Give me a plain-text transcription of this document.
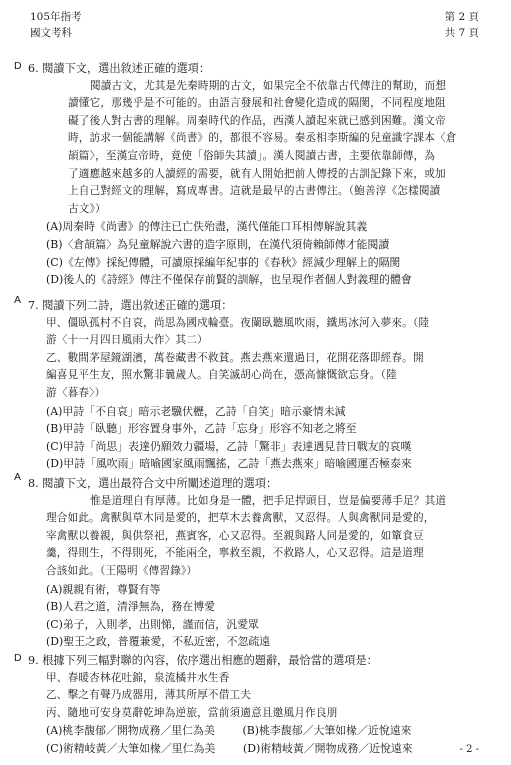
105年指考
國文考科
第 2 頁
共 7 頁
D 6. 閱讀下文，選出敘述正確的選項：
閱讀古文，尤其是先秦時期的古文，如果完全不依靠古代傳注的幫助，而想
讀懂它，那幾乎是不可能的。由語言發展和社會變化造成的隔閡，不同程度地阻
礙了後人對古書的理解。周秦時代的作品，西漢人讀起來就已感到困難。漢文帝
時，訪求一個能講解《尚書》的，都很不容易。秦丞相李斯編的兒童識字課本〈倉
頡篇〉，至漢宣帝時，竟使「俗師失其讀」。漢人閱讀古書，主要依靠師傳，為
了適應越來越多的人讀經的需要，就有人開始把前人傳授的古訓記錄下來，或加
上自己對經文的理解，寫成專書。這就是最早的古書傳注。（鮑善淳《怎樣閱讀
古文》）
(A)周秦時《尚書》的傳注已亡佚殆盡，漢代僅能口耳相傳解說其義
(B)〈倉頡篇〉為兒童解說六書的造字原則，在漢代須倚賴師傳才能閱讀
(C)《左傳》採紀傳體，可讀原採編年紀事的《春秋》經減少理解上的隔閡
(D)後人的《詩經》傳注不僅保存前賢的訓解，也呈現作者個人對義理的體會
A 7. 閱讀下列二詩，選出敘述正確的選項：
甲、僵臥孤村不自哀，尚思為國戍輪臺。夜闌臥聽風吹雨，鐵馬冰河入夢來。（陸
游〈十一月四日風雨大作〉其二）
乙、數間茅屋鏡湖濱，萬卷藏書不救貧。燕去燕來還過日，花開花落即經春。開
編喜見平生友，照水驚非曩歲人。自笑滅胡心尚在，憑高慷慨欲忘身。（陸
游〈暮春〉）
(A)甲詩「不自哀」暗示老驥伏櫪，乙詩「自笑」暗示豪情未減
(B)甲詩「臥聽」形容置身事外，乙詩「忘身」形容不知老之將至
(C)甲詩「尚思」表達仍願效力疆場，乙詩「驚非」表達遇見昔日戰友的哀嘆
(D)甲詩「風吹雨」暗喻國家風雨飄搖，乙詩「燕去燕來」暗喻國運否極泰來
A 8. 閱讀下文，選出最符合文中所闡述道理的選項：
惟是道理自有厚薄。比如身是一體，把手足捍頭目，豈是偏要薄手足？其道
理合如此。禽獸與草木同是愛的，把草木去養禽獸，又忍得。人與禽獸同是愛的，
宰禽獸以養親，與供祭祀，燕賓客，心又忍得。至親與路人同是愛的，如簞食豆
羹，得則生，不得則死，不能兩全，寧救至親，不救路人，心又忍得。這是道理
合該如此。（王陽明《傳習錄》）
(A)親親有術，尊賢有等
(B)人君之道，清淨無為，務在博愛
(C)弟子，入則孝，出則悌，謹而信，汎愛眾
(D)聖王之政，普覆兼愛，不私近密，不忽疏遠
D 9. 根據下列三幅對聯的內容，依序選出相應的題辭，最恰當的選項是：
甲、春暖杏林花吐錦，泉流橘井水生香
乙、擊之有聲乃成器用，薄其所厚不借工夫
丙、隨地可安身莫辭乾坤為逆旅，當前須適意且邀風月作良朋
(A)桃李馥郁／開物成務／里仁為美        (B)桃李馥郁／大筆如椽／近悅遠來
(C)術精岐黃／大筆如椽／里仁為美        (D)術精岐黃／開物成務／近悅遠來	- 2 -
